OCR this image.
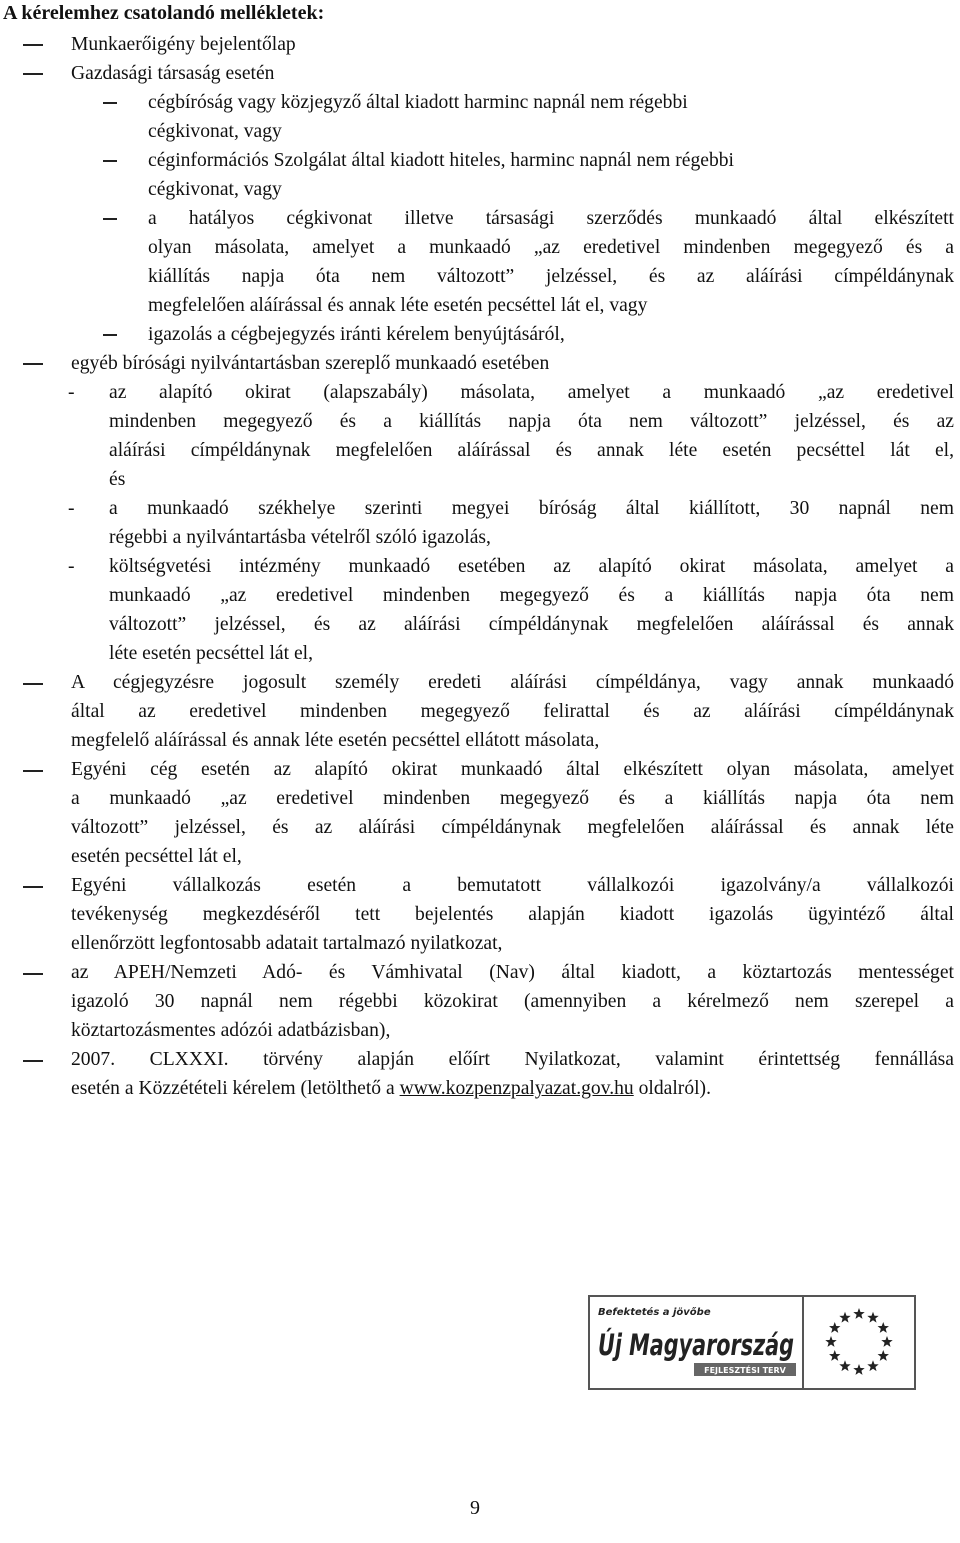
A kérelemhez csatolandó mellékletek:
-
-
-
Munkaerőigény bejelentőlap
Gazdasági társaság esetén
cégbíróság vagy közjegyző által kiadott harminc napnál nem régebbi
cégkivonat, vagy
céginformációs Szolgálat által kiadott hiteles, harminc napnál nem régebbi
cégkivonat, vagy
a hatályos cégkivonat illetve társasági szerződés munkaadó által elkészített
olyan másolata, amelyet a munkaadó „az eredetivel mindenben megegyező és a
kiállítás napja óta nem változott” jelzéssel, és az aláírási címpéldánynak
megfelelően aláírással és annak léte esetén pecséttel lát el, vagy
igazolás a cégbejegyzés iránti kérelem benyújtásáról,
egyéb bírósági nyilvántartásban szereplő munkaadó esetében
az alapító okirat (alapszabály) másolata, amelyet a munkaadó „az eredetivel
mindenben megegyező és a kiállítás napja óta nem változott” jelzéssel, és az
aláírási címpéldánynak megfelelően aláírással és annak léte esetén pecséttel lát el,
és
a munkaadó székhelye szerinti megyei bíróság által kiállított, 30 napnál nem
régebbi a nyilvántartásba vételről szóló igazolás,
költségvetési intézmény munkaadó esetében az alapító okirat másolata, amelyet a
munkaadó „az eredetivel mindenben megegyező és a kiállítás napja óta nem
változott” jelzéssel, és az aláírási címpéldánynak megfelelően aláírással és annak
léte esetén pecséttel lát el,
A cégjegyzésre jogosult személy eredeti aláírási címpéldánya, vagy annak munkaadó
által az eredetivel mindenben megegyező felirattal és az aláírási címpéldánynak
megfelelő aláírással és annak léte esetén pecséttel ellátott másolata,
Egyéni cég esetén az alapító okirat munkaadó által elkészített olyan másolata, amelyet
a munkaadó „az eredetivel mindenben megegyező és a kiállítás napja óta nem
változott” jelzéssel, és az aláírási címpéldánynak megfelelően aláírással és annak léte
esetén pecséttel lát el,
Egyéni vállalkozás esetén a bemutatott vállalkozói igazolvány/a vállalkozói
tevékenység megkezdéséről tett bejelentés alapján kiadott igazolás ügyintéző által
ellenőrzött legfontosabb adatait tartalmazó nyilatkozat,
az APEH/Nemzeti Adó- és Vámhivatal (Nav) által kiadott, a köztartozás mentességet
igazoló 30 napnál nem régebbi közokirat (amennyiben a kérelmező nem szerepel a
köztartozásmentes adózói adatbázisban),
2007. CLXXXI. törvény alapján előírt Nyilatkozat, valamint érintettség fennállása
esetén a Közzétételi kérelem (letölthető a www.kozpenzpalyazat.gov.hu oldalról).
Befektetés a jövőbe
Új Magyarország
FEJLESZTÉSI TERV
9
